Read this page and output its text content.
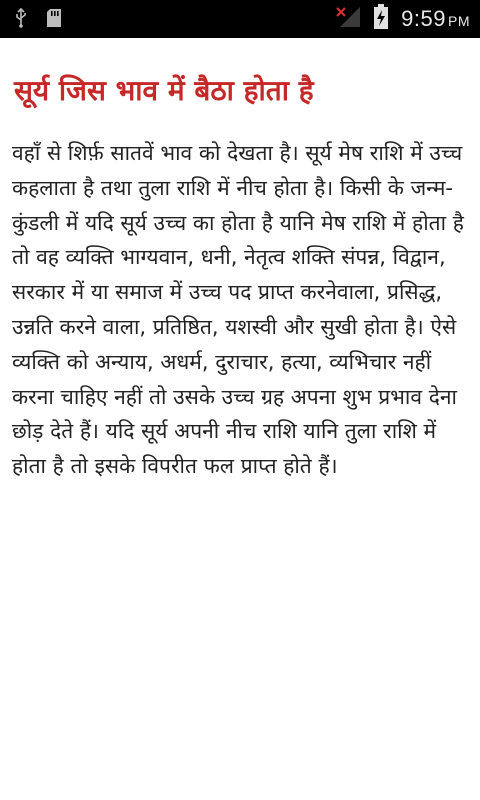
9:59 PM
सूर्य जिस भाव में बैठा होता है
वहाँ से शिर्फ़ सातवें भाव को देखता है। सूर्य मेष राशि में उच्च कहलाता है तथा तुला राशि में नीच होता है। किसी के जन्म-कुंडली में यदि सूर्य उच्च का होता है यानि मेष राशि में होता है तो वह व्यक्ति भाग्यवान, धनी, नेतृत्व शक्ति संपन्न, विद्वान, सरकार में या समाज में उच्च पद प्राप्त करनेवाला, प्रसिद्ध, उन्नति करने वाला, प्रतिष्ठित, यशस्वी और सुखी होता है। ऐसे व्यक्ति को अन्याय, अधर्म, दुराचार, हत्या, व्यभिचार नहीं करना चाहिए नहीं तो उसके उच्च ग्रह अपना शुभ प्रभाव देना छोड़ देते हैं। यदि सूर्य अपनी नीच राशि यानि तुला राशि में होता है तो इसके विपरीत फल प्राप्त होते हैं।
